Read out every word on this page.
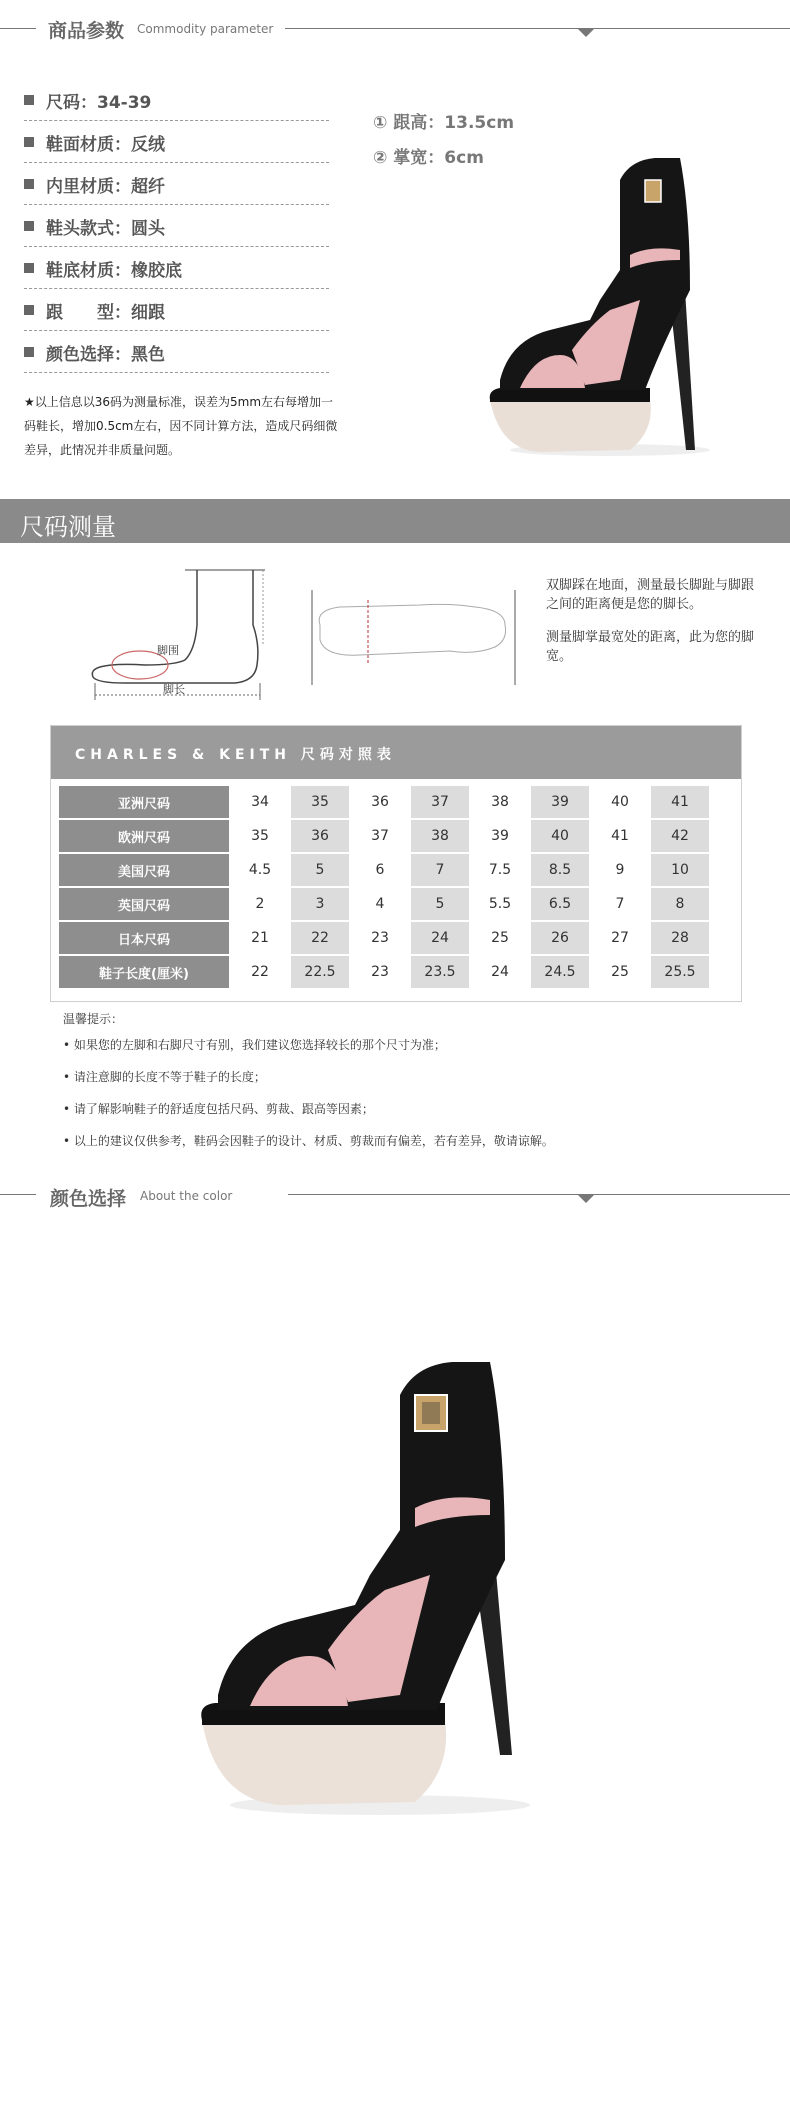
商品参数 Commodity parameter
尺码：34-39
鞋面材质：反绒
内里材质：超纤
鞋头款式：圆头
鞋底材质：橡胶底
跟　　型：细跟
颜色选择：黑色
① 跟高：13.5cm
② 掌宽：6cm
★以上信息以36码为测量标准，误差为5mm左右每增加一码鞋长，增加0.5cm左右，因不同计算方法，造成尺码细微差异，此情况并非质量问题。
尺码测量
脚围
脚长
双脚踩在地面，测量最长脚趾与脚跟之间的距离便是您的脚长。
测量脚掌最宽处的距离，此为您的脚宽。
CHARLES & KEITH 尺码对照表
亚洲尺码	34	35	36	37	38	39	40	41
欧洲尺码	35	36	37	38	39	40	41	42
美国尺码	4.5	5	6	7	7.5	8.5	9	10
英国尺码	2	3	4	5	5.5	6.5	7	8
日本尺码	21	22	23	24	25	26	27	28
鞋子长度(厘米)	22	22.5	23	23.5	24	24.5	25	25.5
温馨提示：
• 如果您的左脚和右脚尺寸有别，我们建议您选择较长的那个尺寸为准；
• 请注意脚的长度不等于鞋子的长度；
• 请了解影响鞋子的舒适度包括尺码、剪裁、跟高等因素；
• 以上的建议仅供参考，鞋码会因鞋子的设计、材质、剪裁而有偏差，若有差异，敬请谅解。
颜色选择 About the color
